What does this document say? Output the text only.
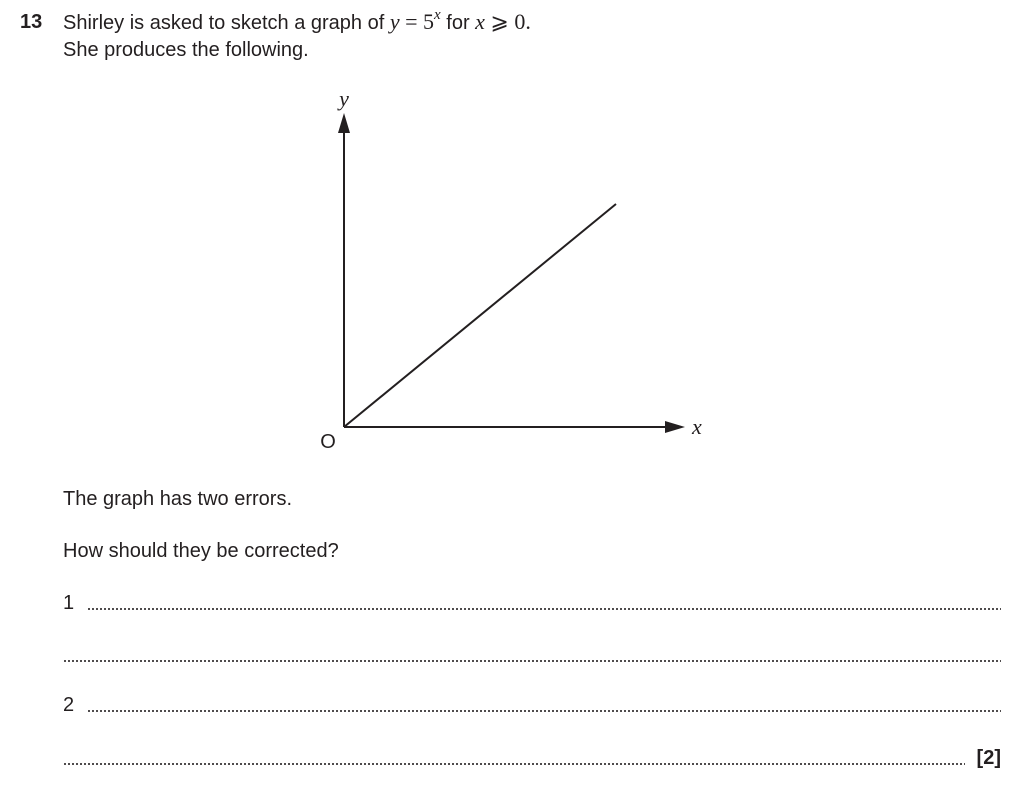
13 Shirley is asked to sketch a graph of $y = 5^x$ for x ⩾ 0.
She produces the following.
y
x
O
The graph has two errors.
How should they be corrected?
1
2
[2]
